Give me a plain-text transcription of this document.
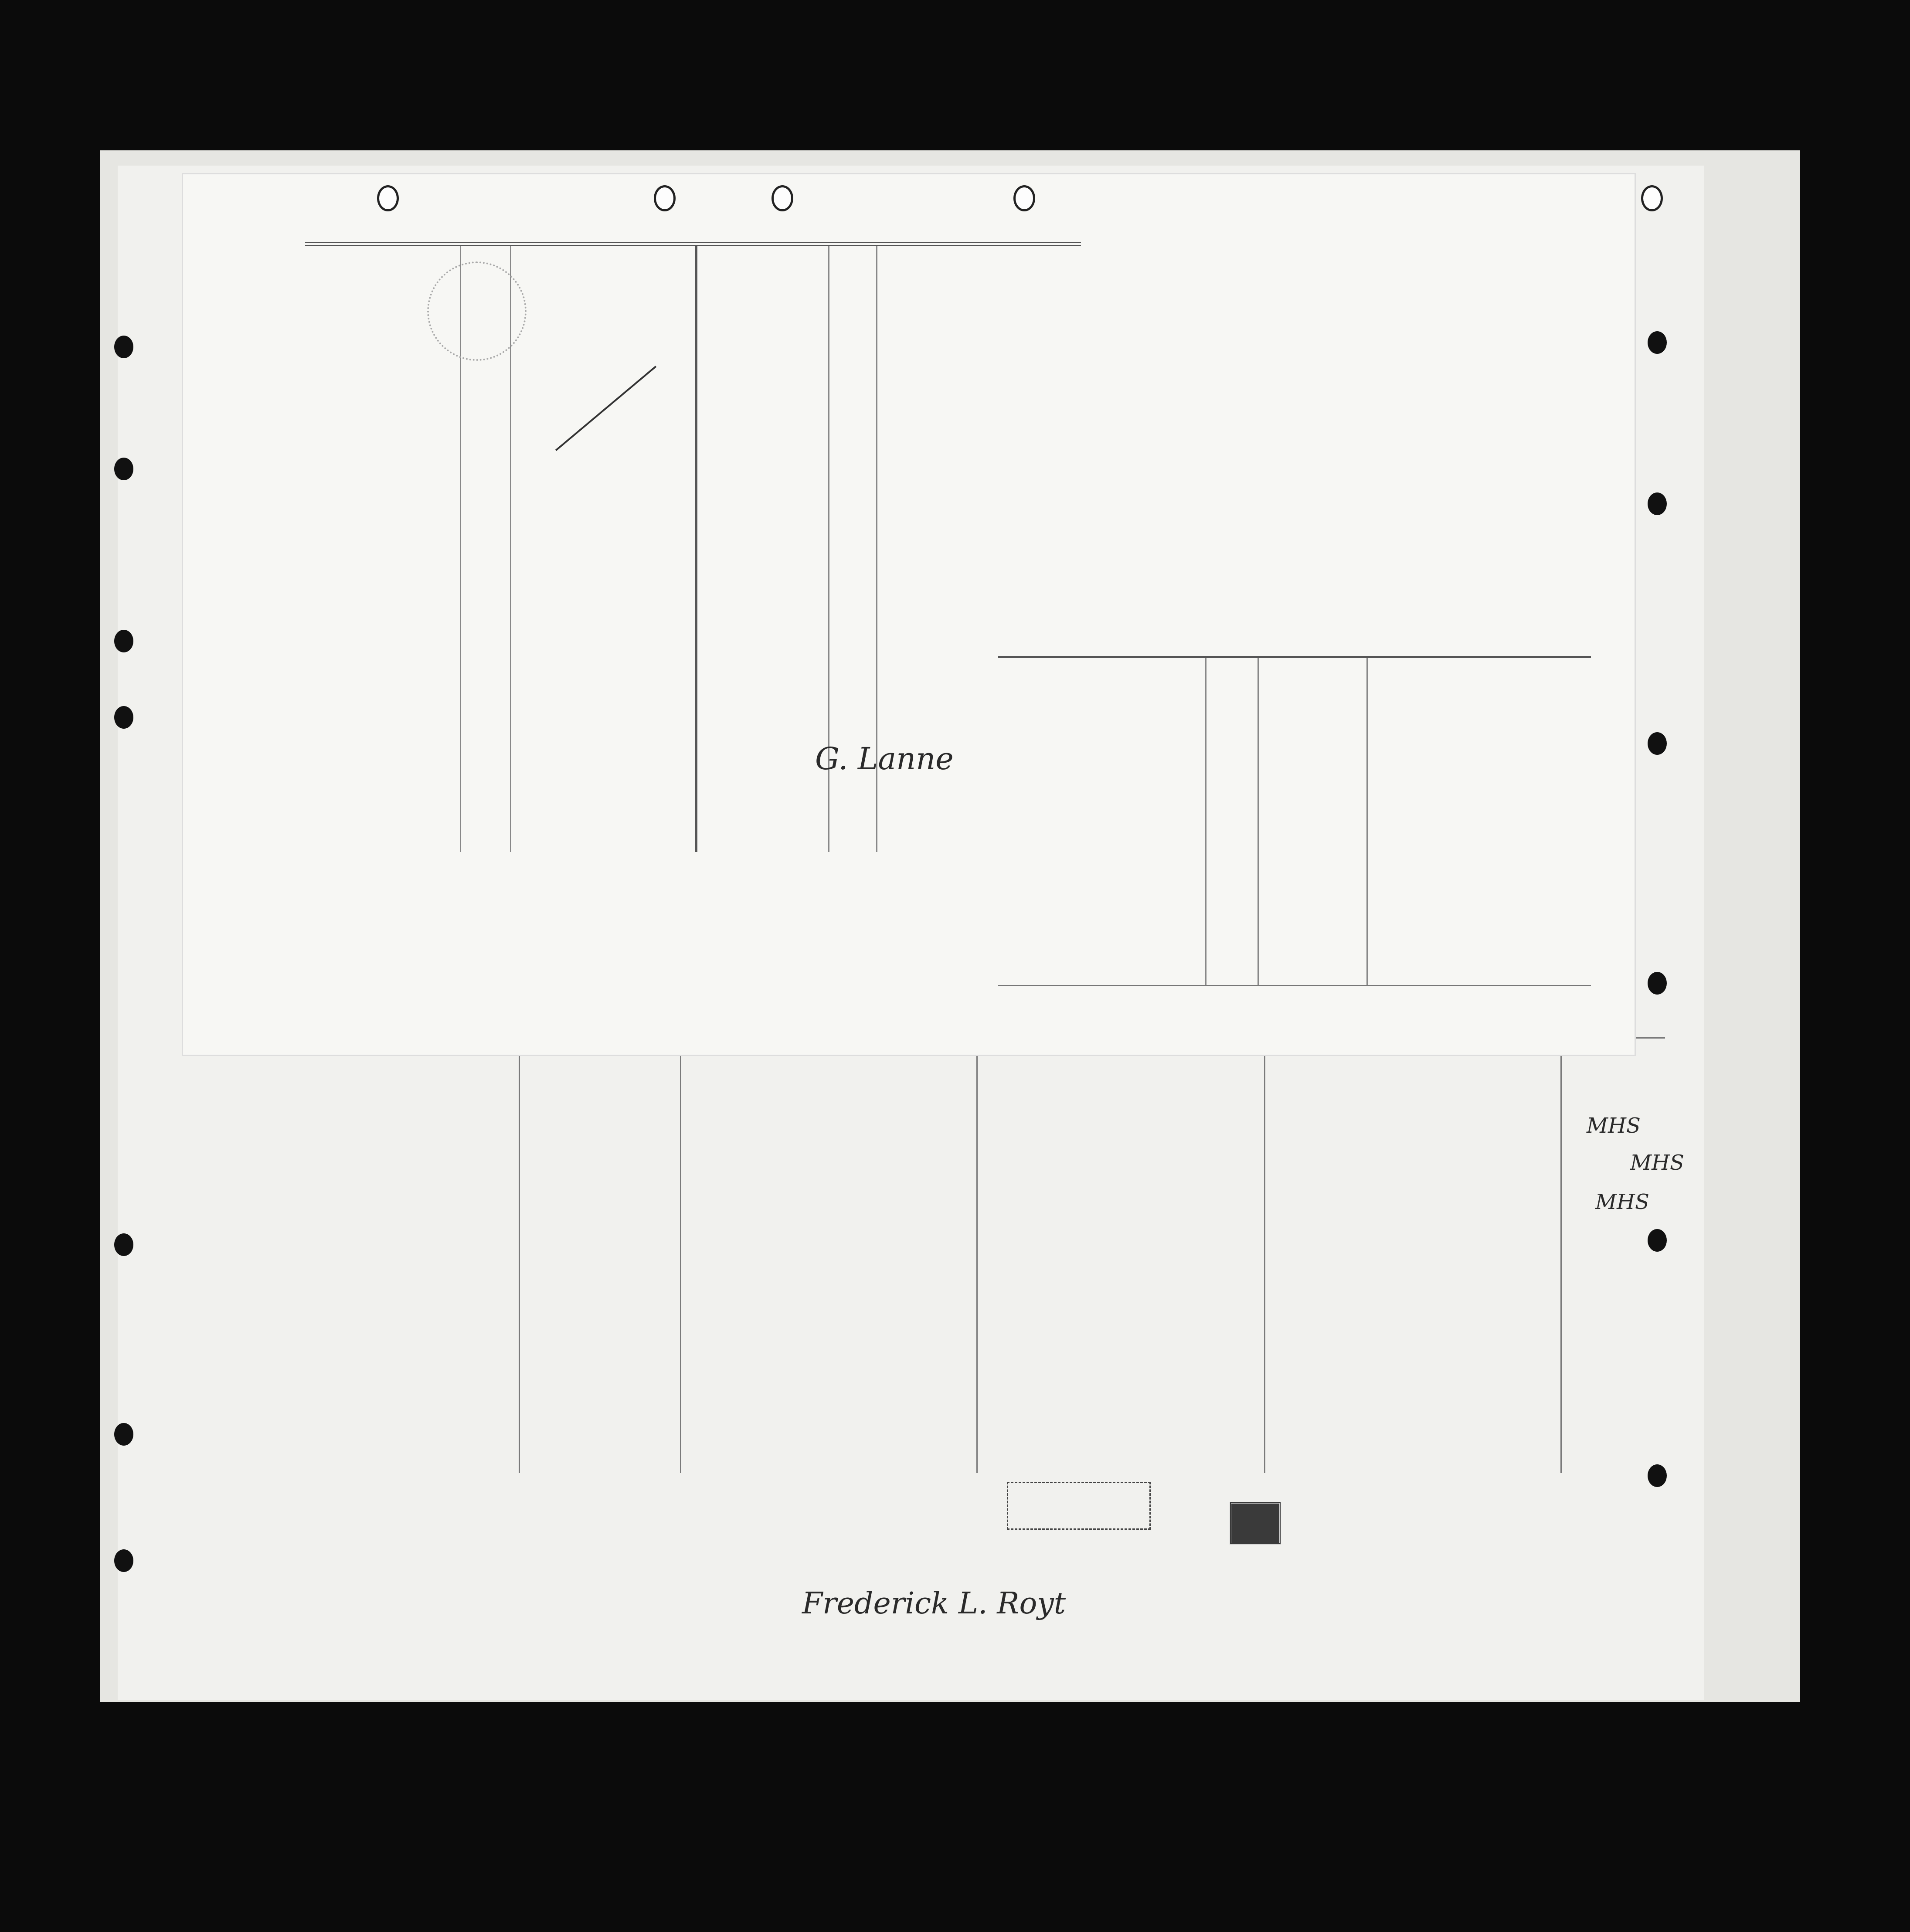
MHS
MHS
MHS
Frederick L. Royt
G. Lanne
